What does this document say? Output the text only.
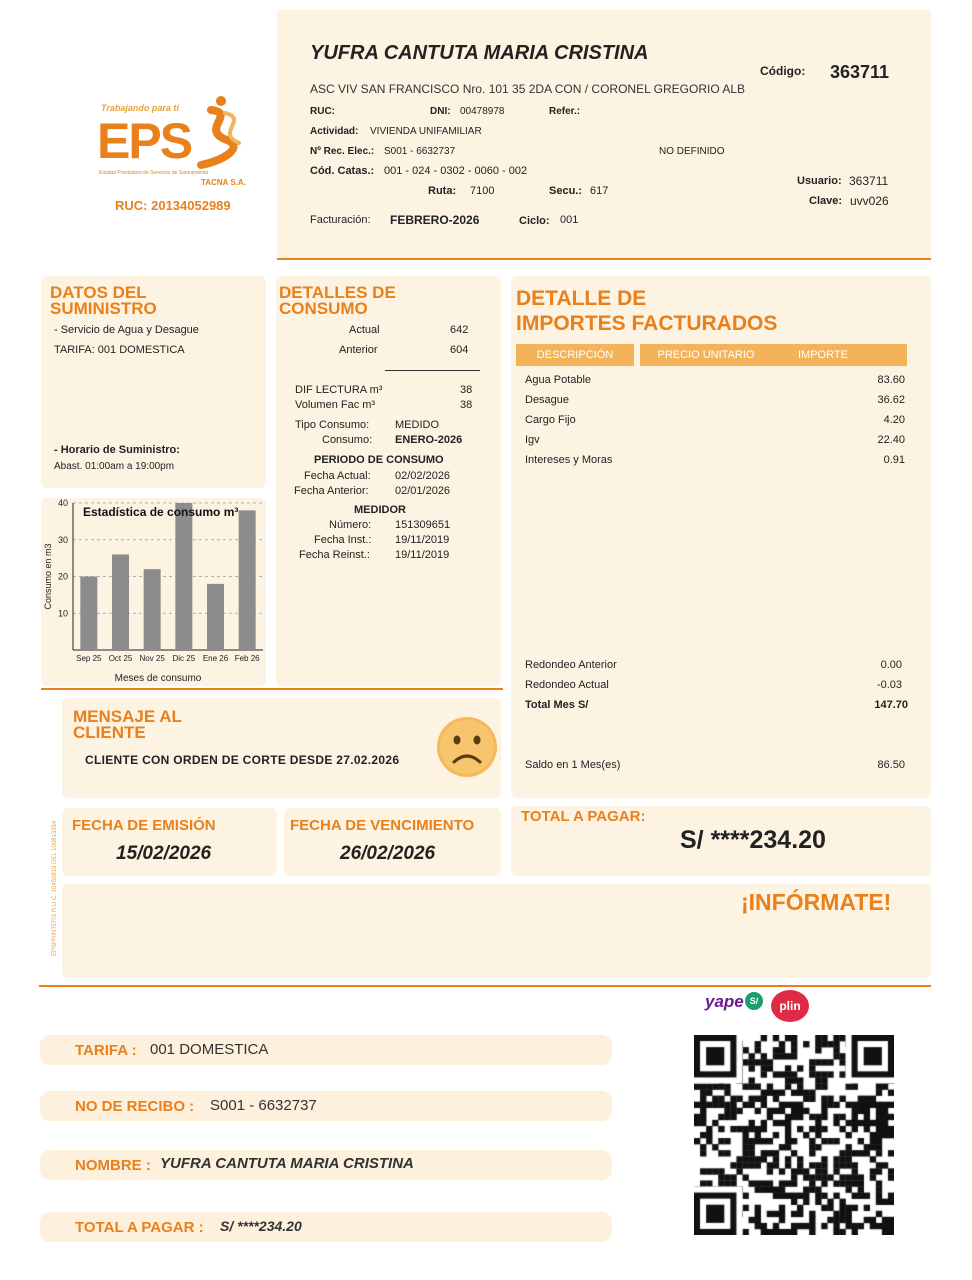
YUFRA CANTUTA MARIA CRISTINA
ASC VIV SAN FRANCISCO Nro. 101 35 2DA CON / CORONEL GREGORIO ALB
Código: 363711
RUC:	DNI: 00478978	Refer.:
Actividad: VIVIENDA UNIFAMILIAR
Nº Rec. Elec.: S001 - 6632737	NO DEFINIDO
Cód. Catas.: 001 - 024 - 0302 - 0060 - 002
Ruta: 7100	Secu.: 617
Usuario: 363711
Clave: uvv026
Facturación: FEBRERO-2026	Ciclo: 001
Trabajando para ti
EPS
Entidad Prestadora de Servicios de Saneamiento
TACNA S.A.
RUC: 20134052989
DATOS DEL
SUMINISTRO
- Servicio de Agua y Desague
TARIFA: 001 DOMESTICA
- Horario de Suministro:
Abast. 01:00am a 19:00pm
10
20
30
40
Sep 25 Oct 25 Nov 25 Dic 25 Ene 26 Feb 26
Estadística de consumo m³
Meses de consumo
Consumo en m3
DETALLES DE
CONSUMO
Actual	642
Anterior	604
DIF LECTURA m³	38
Volumen Fac m³	38
Tipo Consumo: MEDIDO
Consumo: ENERO-2026
PERIODO DE CONSUMO
Fecha Actual: 02/02/2026
Fecha Anterior: 02/01/2026
MEDIDOR
Número: 151309651
Fecha Inst.: 19/11/2019
Fecha Reinst.: 19/11/2019
DETALLE DE
IMPORTES FACTURADOS
DESCRIPCIÓN	PRECIO UNITARIO	IMPORTE
Agua Potable	83.60
Desague	36.62
Cargo Fijo	4.20
Igv	22.40
Intereses y Moras	0.91
Redondeo Anterior	0.00
Redondeo Actual	-0.03
Total Mes S/	147.70
Saldo en 1 Mes(es)	86.50
MENSAJE AL
CLIENTE
CLIENTE CON ORDEN DE CORTE DESDE 27.02.2026
FECHA DE EMISIÓN
15/02/2026
FECHA DE VENCIMIENTO
26/02/2026
TOTAL A PAGAR:
S/ ****234.20
¡INFÓRMATE!
EPSPRINTERS R.U.C. 10450818 DEL 100813354
yape S/	plin
TARIFA : 001 DOMESTICA
NO DE RECIBO : S001 - 6632737
NOMBRE : YUFRA CANTUTA MARIA CRISTINA
TOTAL A PAGAR : S/ ****234.20
